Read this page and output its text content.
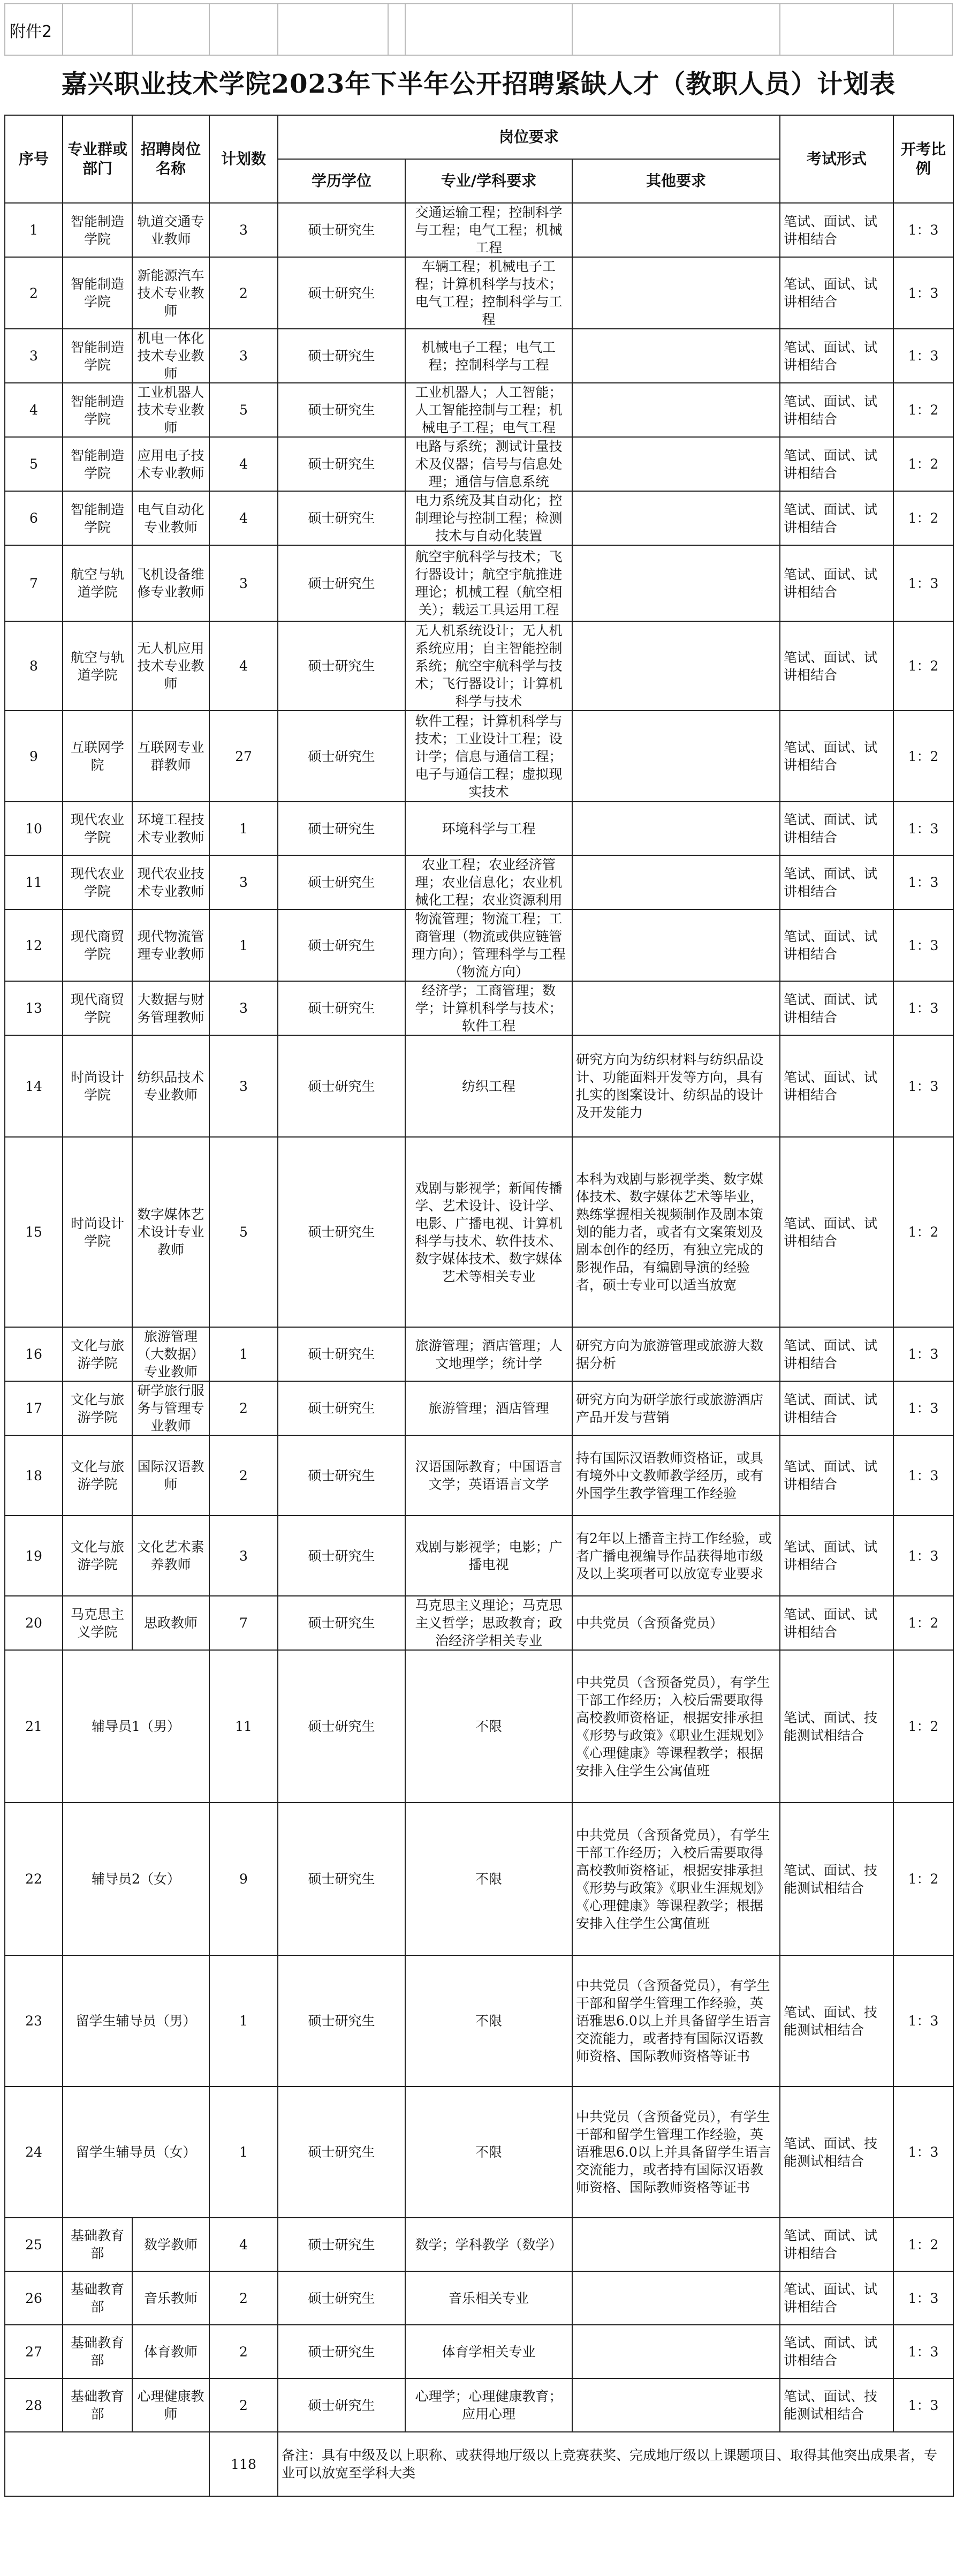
附件2
嘉兴职业技术学院2023年下半年公开招聘紧缺人才（教职人员）计划表
序号	专业群或部门	招聘岗位名称	计划数	岗位要求			考试形式	开考比例
				学历学位	专业/学科要求	其他要求		
1	智能制造学院	轨道交通专业教师	3	硕士研究生	交通运输工程；控制科学与工程；电气工程；机械工程		笔试、面试、试讲相结合	1：3
2	智能制造学院	新能源汽车技术专业教师	2	硕士研究生	车辆工程；机械电子工程；计算机科学与技术；电气工程；控制科学与工程		笔试、面试、试讲相结合	1：3
3	智能制造学院	机电一体化技术专业教师	3	硕士研究生	机械电子工程；电气工程；控制科学与工程		笔试、面试、试讲相结合	1：3
4	智能制造学院	工业机器人技术专业教师	5	硕士研究生	工业机器人；人工智能；人工智能控制与工程；机械电子工程；电气工程		笔试、面试、试讲相结合	1：2
5	智能制造学院	应用电子技术专业教师	4	硕士研究生	电路与系统；测试计量技术及仪器；信号与信息处理；通信与信息系统		笔试、面试、试讲相结合	1：2
6	智能制造学院	电气自动化专业教师	4	硕士研究生	电力系统及其自动化；控制理论与控制工程；检测技术与自动化装置		笔试、面试、试讲相结合	1：2
7	航空与轨道学院	飞机设备维修专业教师	3	硕士研究生	航空宇航科学与技术；飞行器设计；航空宇航推进理论；机械工程（航空相关）；载运工具运用工程		笔试、面试、试讲相结合	1：3
8	航空与轨道学院	无人机应用技术专业教师	4	硕士研究生	无人机系统设计；无人机系统应用；自主智能控制系统；航空宇航科学与技术；飞行器设计；计算机科学与技术		笔试、面试、试讲相结合	1：2
9	互联网学院	互联网专业群教师	27	硕士研究生	软件工程；计算机科学与技术；工业设计工程；设计学；信息与通信工程；电子与通信工程；虚拟现实技术		笔试、面试、试讲相结合	1：2
10	现代农业学院	环境工程技术专业教师	1	硕士研究生	环境科学与工程		笔试、面试、试讲相结合	1：3
11	现代农业学院	现代农业技术专业教师	3	硕士研究生	农业工程；农业经济管理；农业信息化；农业机械化工程；农业资源利用		笔试、面试、试讲相结合	1：3
12	现代商贸学院	现代物流管理专业教师	1	硕士研究生	物流管理；物流工程；工商管理（物流或供应链管理方向）；管理科学与工程（物流方向）		笔试、面试、试讲相结合	1：3
13	现代商贸学院	大数据与财务管理教师	3	硕士研究生	经济学；工商管理；数学；计算机科学与技术；软件工程		笔试、面试、试讲相结合	1：3
14	时尚设计学院	纺织品技术专业教师	3	硕士研究生	纺织工程	研究方向为纺织材料与纺织品设计、功能面料开发等方向，具有扎实的图案设计、纺织品的设计及开发能力	笔试、面试、试讲相结合	1：3
15	时尚设计学院	数字媒体艺术设计专业教师	5	硕士研究生	戏剧与影视学；新闻传播学、艺术设计、设计学、电影、广播电视、计算机科学与技术、软件技术、数字媒体技术、数字媒体艺术等相关专业	本科为戏剧与影视学类、数字媒体技术、数字媒体艺术等毕业，熟练掌握相关视频制作及剧本策划的能力者，或者有文案策划及剧本创作的经历，有独立完成的影视作品，有编剧导演的经验者，硕士专业可以适当放宽	笔试、面试、试讲相结合	1：2
16	文化与旅游学院	旅游管理（大数据）专业教师	1	硕士研究生	旅游管理；酒店管理；人文地理学；统计学	研究方向为旅游管理或旅游大数据分析	笔试、面试、试讲相结合	1：3
17	文化与旅游学院	研学旅行服务与管理专业教师	2	硕士研究生	旅游管理；酒店管理	研究方向为研学旅行或旅游酒店产品开发与营销	笔试、面试、试讲相结合	1：3
18	文化与旅游学院	国际汉语教师	2	硕士研究生	汉语国际教育；中国语言文学；英语语言文学	持有国际汉语教师资格证，或具有境外中文教师教学经历，或有外国学生教学管理工作经验	笔试、面试、试讲相结合	1：3
19	文化与旅游学院	文化艺术素养教师	3	硕士研究生	戏剧与影视学；电影；广播电视	有2年以上播音主持工作经验，或者广播电视编导作品获得地市级及以上奖项者可以放宽专业要求	笔试、面试、试讲相结合	1：3
20	马克思主义学院	思政教师	7	硕士研究生	马克思主义理论；马克思主义哲学；思政教育；政治经济学相关专业	中共党员（含预备党员）	笔试、面试、试讲相结合	1：2
21	辅导员1（男）		11	硕士研究生	不限	中共党员（含预备党员），有学生干部工作经历；入校后需要取得高校教师资格证，根据安排承担《形势与政策》《职业生涯规划》《心理健康》等课程教学；根据安排入住学生公寓值班	笔试、面试、技能测试相结合	1：2
22	辅导员2（女）		9	硕士研究生	不限	中共党员（含预备党员），有学生干部工作经历；入校后需要取得高校教师资格证，根据安排承担《形势与政策》《职业生涯规划》《心理健康》等课程教学；根据安排入住学生公寓值班	笔试、面试、技能测试相结合	1：2
23	留学生辅导员（男）		1	硕士研究生	不限	中共党员（含预备党员），有学生干部和留学生管理工作经验，英语雅思6.0以上并具备留学生语言交流能力，或者持有国际汉语教师资格、国际教师资格等证书	笔试、面试、技能测试相结合	1：3
24	留学生辅导员（女）		1	硕士研究生	不限	中共党员（含预备党员），有学生干部和留学生管理工作经验，英语雅思6.0以上并具备留学生语言交流能力，或者持有国际汉语教师资格、国际教师资格等证书	笔试、面试、技能测试相结合	1：3
25	基础教育部	数学教师	4	硕士研究生	数学；学科教学（数学）		笔试、面试、试讲相结合	1：2
26	基础教育部	音乐教师	2	硕士研究生	音乐相关专业		笔试、面试、试讲相结合	1：3
27	基础教育部	体育教师	2	硕士研究生	体育学相关专业		笔试、面试、试讲相结合	1：3
28	基础教育部	心理健康教师	2	硕士研究生	心理学；心理健康教育；应用心理		笔试、面试、技能测试相结合	1：3
			118	备注：具有中级及以上职称、或获得地厅级以上竞赛获奖、完成地厅级以上课题项目、取得其他突出成果者，专业可以放宽至学科大类				
